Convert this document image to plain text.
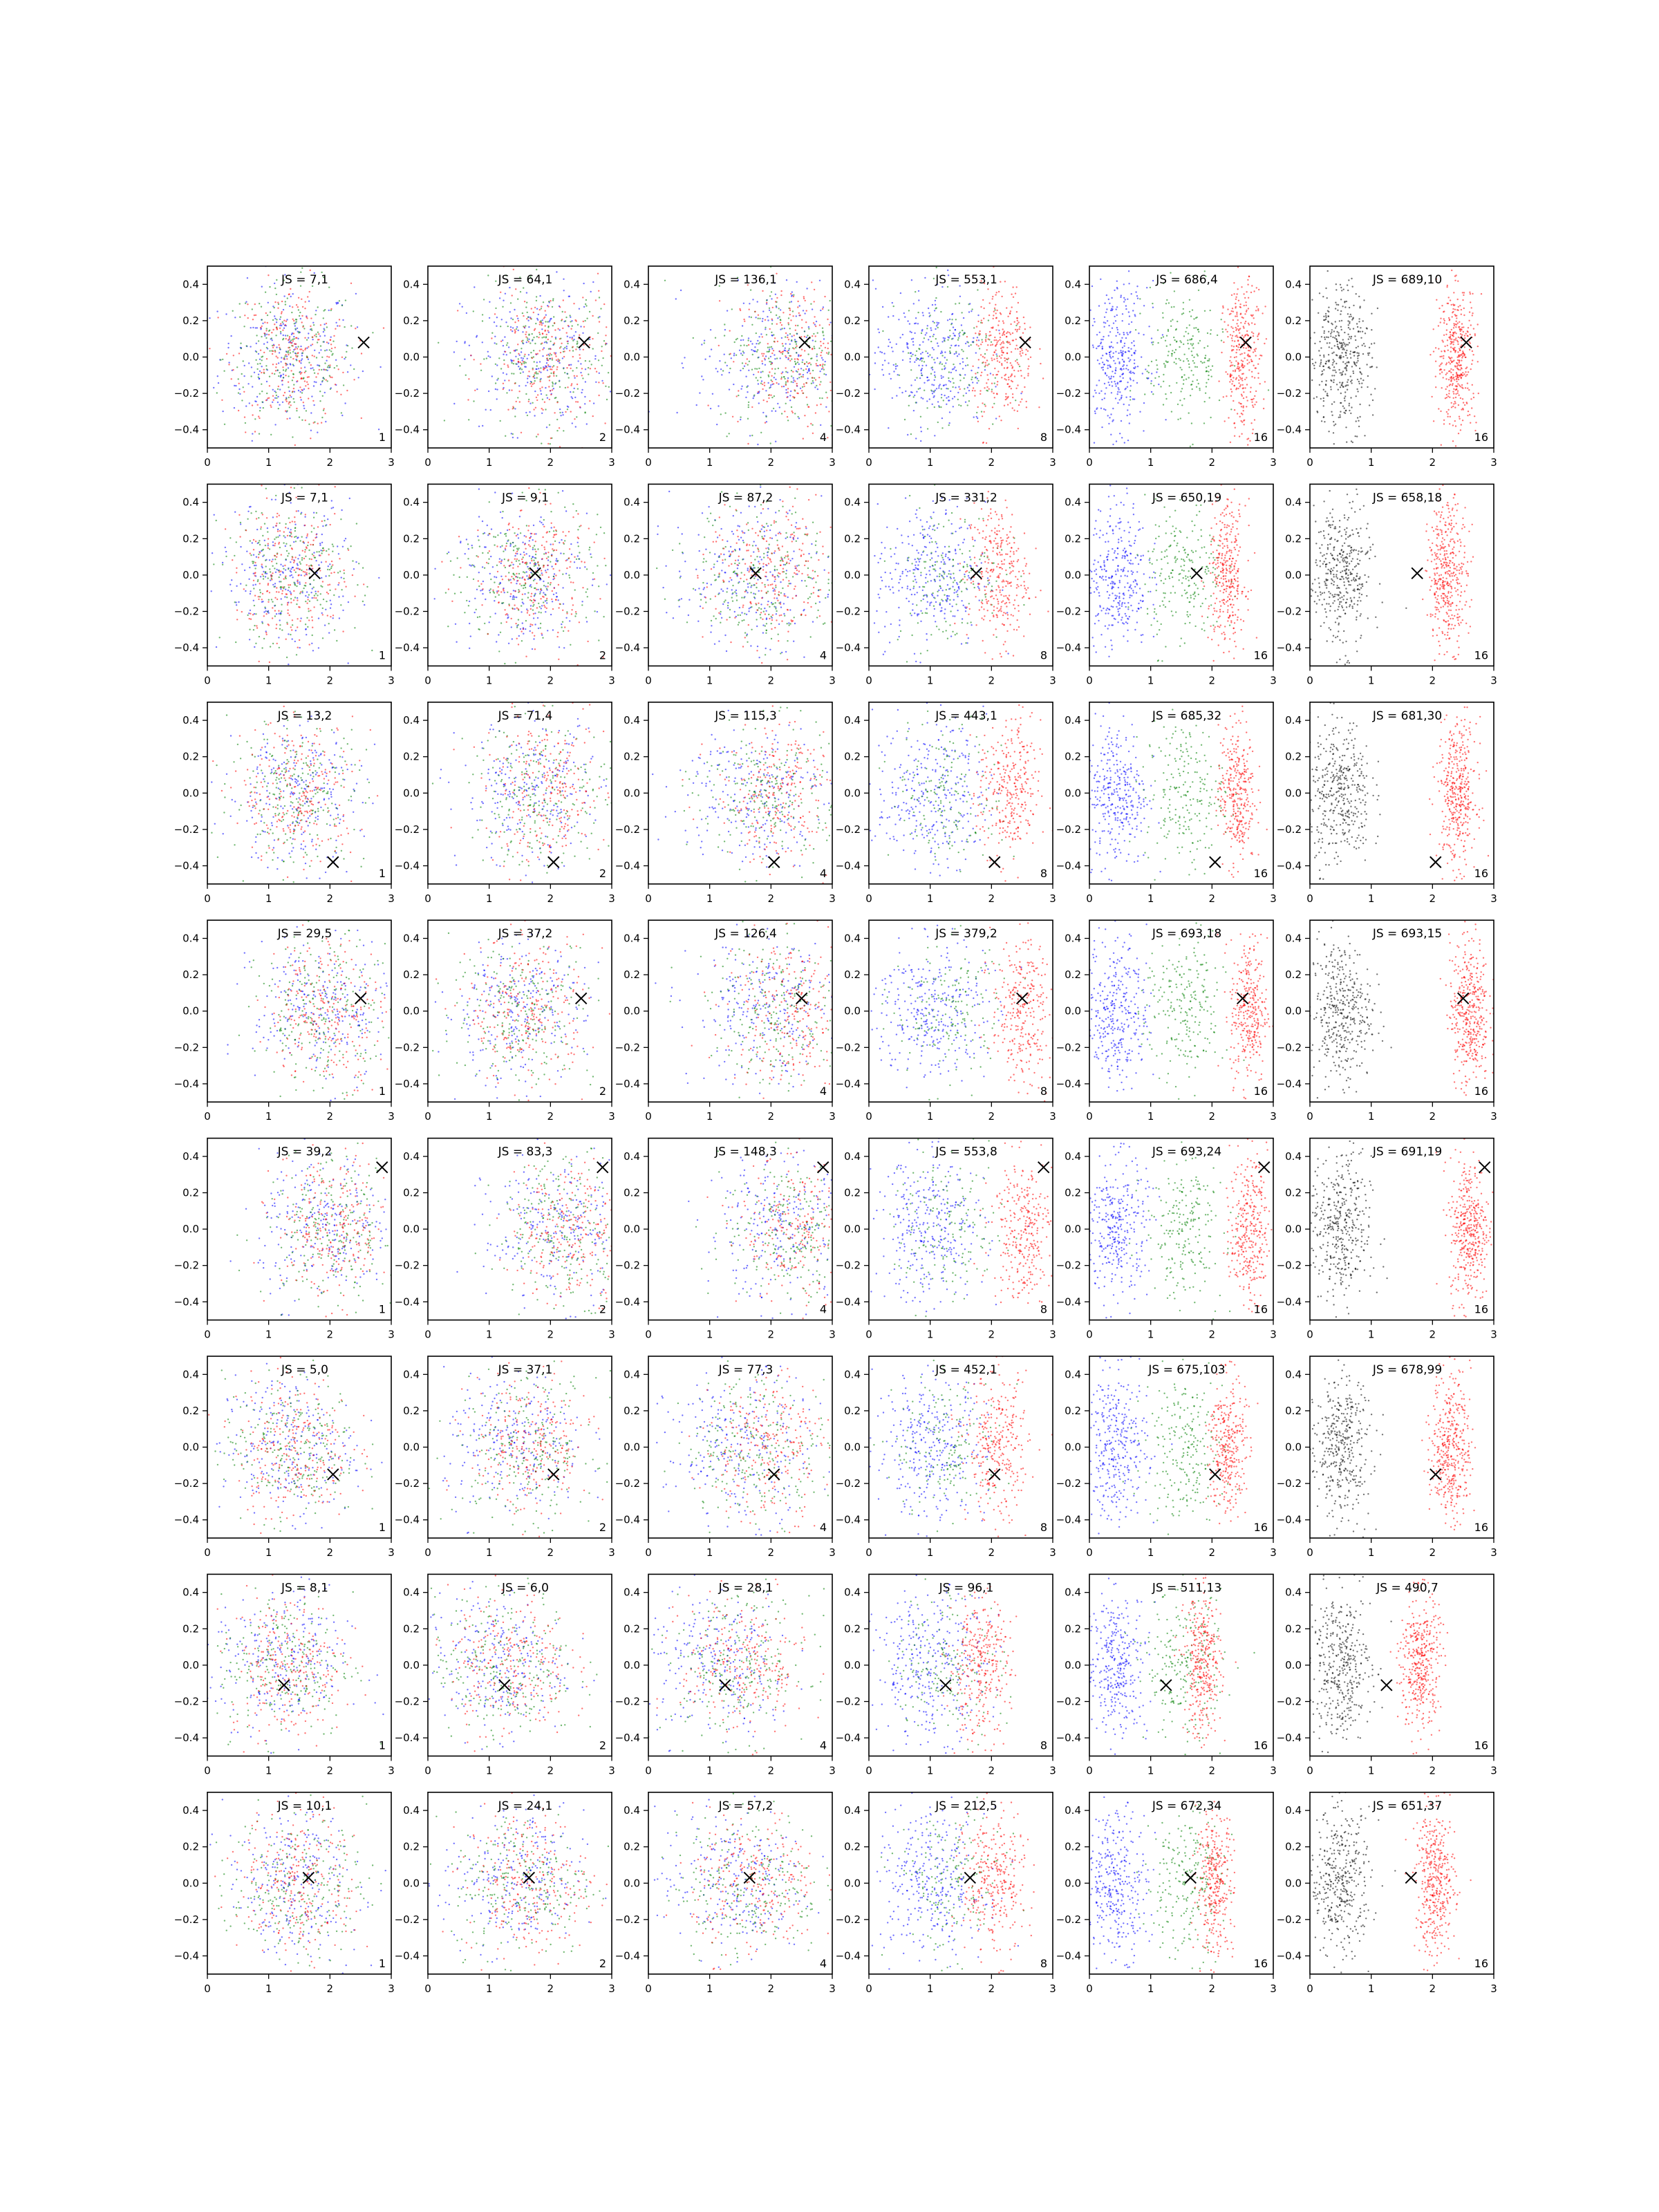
0.4
0.2
0.0
−0.2
−0.4
0	1	2	3
JS = 7,1
1
0.4
0.2
0.0
−0.2
−0.4
0	1	2	3
JS = 64,1
2
0.4
0.2
0.0
−0.2
−0.4
0	1	2	3
JS = 136,1
4
0.4
0.2
0.0
−0.2
−0.4
0	1	2	3
JS = 553,1
8
0.4
0.2
0.0
−0.2
−0.4
0	1	2	3
JS = 686,4
16
0.4
0.2
0.0
−0.2
−0.4
0	1	2	3
JS = 689,10
16
0.4
0.2
0.0
−0.2
−0.4
0	1	2	3
JS = 7,1
1
0.4
0.2
0.0
−0.2
−0.4
0	1	2	3
JS = 9,1
2
0.4
0.2
0.0
−0.2
−0.4
0	1	2	3
JS = 87,2
4
0.4
0.2
0.0
−0.2
−0.4
0	1	2	3
JS = 331,2
8
0.4
0.2
0.0
−0.2
−0.4
0	1	2	3
JS = 650,19
16
0.4
0.2
0.0
−0.2
−0.4
0	1	2	3
JS = 658,18
16
0.4
0.2
0.0
−0.2
−0.4
0	1	2	3
JS = 13,2
1
0.4
0.2
0.0
−0.2
−0.4
0	1	2	3
JS = 71,4
2
0.4
0.2
0.0
−0.2
−0.4
0	1	2	3
JS = 115,3
4
0.4
0.2
0.0
−0.2
−0.4
0	1	2	3
JS = 443,1
8
0.4
0.2
0.0
−0.2
−0.4
0	1	2	3
JS = 685,32
16
0.4
0.2
0.0
−0.2
−0.4
0	1	2	3
JS = 681,30
16
0.4
0.2
0.0
−0.2
−0.4
0	1	2	3
JS = 29,5
1
0.4
0.2
0.0
−0.2
−0.4
0	1	2	3
JS = 37,2
2
0.4
0.2
0.0
−0.2
−0.4
0	1	2	3
JS = 126,4
4
0.4
0.2
0.0
−0.2
−0.4
0	1	2	3
JS = 379,2
8
0.4
0.2
0.0
−0.2
−0.4
0	1	2	3
JS = 693,18
16
0.4
0.2
0.0
−0.2
−0.4
0	1	2	3
JS = 693,15
16
0.4
0.2
0.0
−0.2
−0.4
0	1	2	3
JS = 39,2
1
0.4
0.2
0.0
−0.2
−0.4
0	1	2	3
JS = 83,3
2
0.4
0.2
0.0
−0.2
−0.4
0	1	2	3
JS = 148,3
4
0.4
0.2
0.0
−0.2
−0.4
0	1	2	3
JS = 553,8
8
0.4
0.2
0.0
−0.2
−0.4
0	1	2	3
JS = 693,24
16
0.4
0.2
0.0
−0.2
−0.4
0	1	2	3
JS = 691,19
16
0.4
0.2
0.0
−0.2
−0.4
0	1	2	3
JS = 5,0
1
0.4
0.2
0.0
−0.2
−0.4
0	1	2	3
JS = 37,1
2
0.4
0.2
0.0
−0.2
−0.4
0	1	2	3
JS = 77,3
4
0.4
0.2
0.0
−0.2
−0.4
0	1	2	3
JS = 452,1
8
0.4
0.2
0.0
−0.2
−0.4
0	1	2	3
JS = 675,103
16
0.4
0.2
0.0
−0.2
−0.4
0	1	2	3
JS = 678,99
16
0.4
0.2
0.0
−0.2
−0.4
0	1	2	3
JS = 8,1
1
0.4
0.2
0.0
−0.2
−0.4
0	1	2	3
JS = 6,0
2
0.4
0.2
0.0
−0.2
−0.4
0	1	2	3
JS = 28,1
4
0.4
0.2
0.0
−0.2
−0.4
0	1	2	3
JS = 96,1
8
0.4
0.2
0.0
−0.2
−0.4
0	1	2	3
JS = 511,13
16
0.4
0.2
0.0
−0.2
−0.4
0	1	2	3
JS = 490,7
16
0.4
0.2
0.0
−0.2
−0.4
0	1	2	3
JS = 10,1
1
0.4
0.2
0.0
−0.2
−0.4
0	1	2	3
JS = 24,1
2
0.4
0.2
0.0
−0.2
−0.4
0	1	2	3
JS = 57,2
4
0.4
0.2
0.0
−0.2
−0.4
0	1	2	3
JS = 212,5
8
0.4
0.2
0.0
−0.2
−0.4
0	1	2	3
JS = 672,34
16
0.4
0.2
0.0
−0.2
−0.4
0	1	2	3
JS = 651,37
16
